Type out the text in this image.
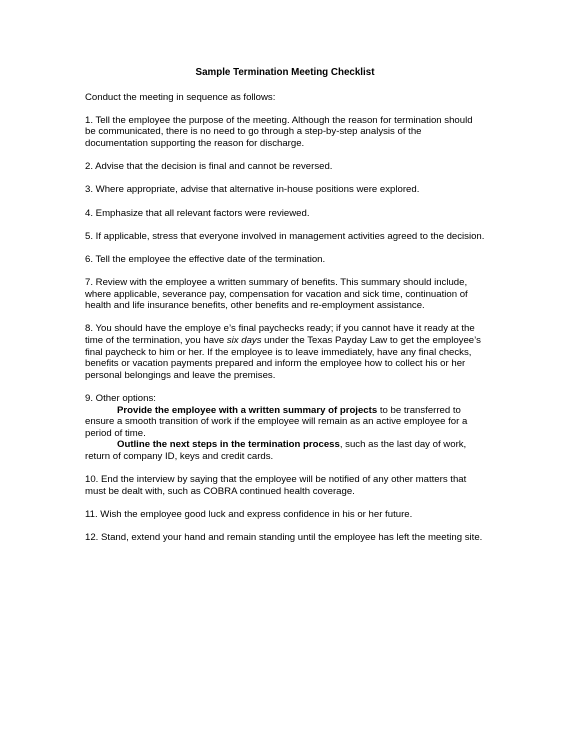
Sample Termination Meeting Checklist
Conduct the meeting in sequence as follows:
1. Tell the employee the purpose of the meeting. Although the reason for termination should be communicated, there is no need to go through a step-by-step analysis of the documentation supporting the reason for discharge.
2. Advise that the decision is final and cannot be reversed.
3. Where appropriate, advise that alternative in-house positions were explored.
4. Emphasize that all relevant factors were reviewed.
5. If applicable, stress that everyone involved in management activities agreed to the decision.
6. Tell the employee the effective date of the termination.
7. Review with the employee a written summary of benefits. This summary should include, where applicable, severance pay, compensation for vacation and sick time, continuation of health and life insurance benefits, other benefits and re-employment assistance.
8. You should have the employe e’s final paychecks ready; if you cannot have it ready at the time of the termination, you have six days under the Texas Payday Law to get the employee’s final paycheck to him or her. If the employee is to leave immediately, have any final checks, benefits or vacation payments prepared and inform the employee how to collect his or her personal belongings and leave the premises.
9. Other options:
Provide the employee with a written summary of projects to be transferred to ensure a smooth transition of work if the employee will remain as an active employee for a period of time.
Outline the next steps in the termination process, such as the last day of work, return of company ID, keys and credit cards.
10. End the interview by saying that the employee will be notified of any other matters that must be dealt with, such as COBRA continued health coverage.
11. Wish the employee good luck and express confidence in his or her future.
12. Stand, extend your hand and remain standing until the employee has left the meeting site.
